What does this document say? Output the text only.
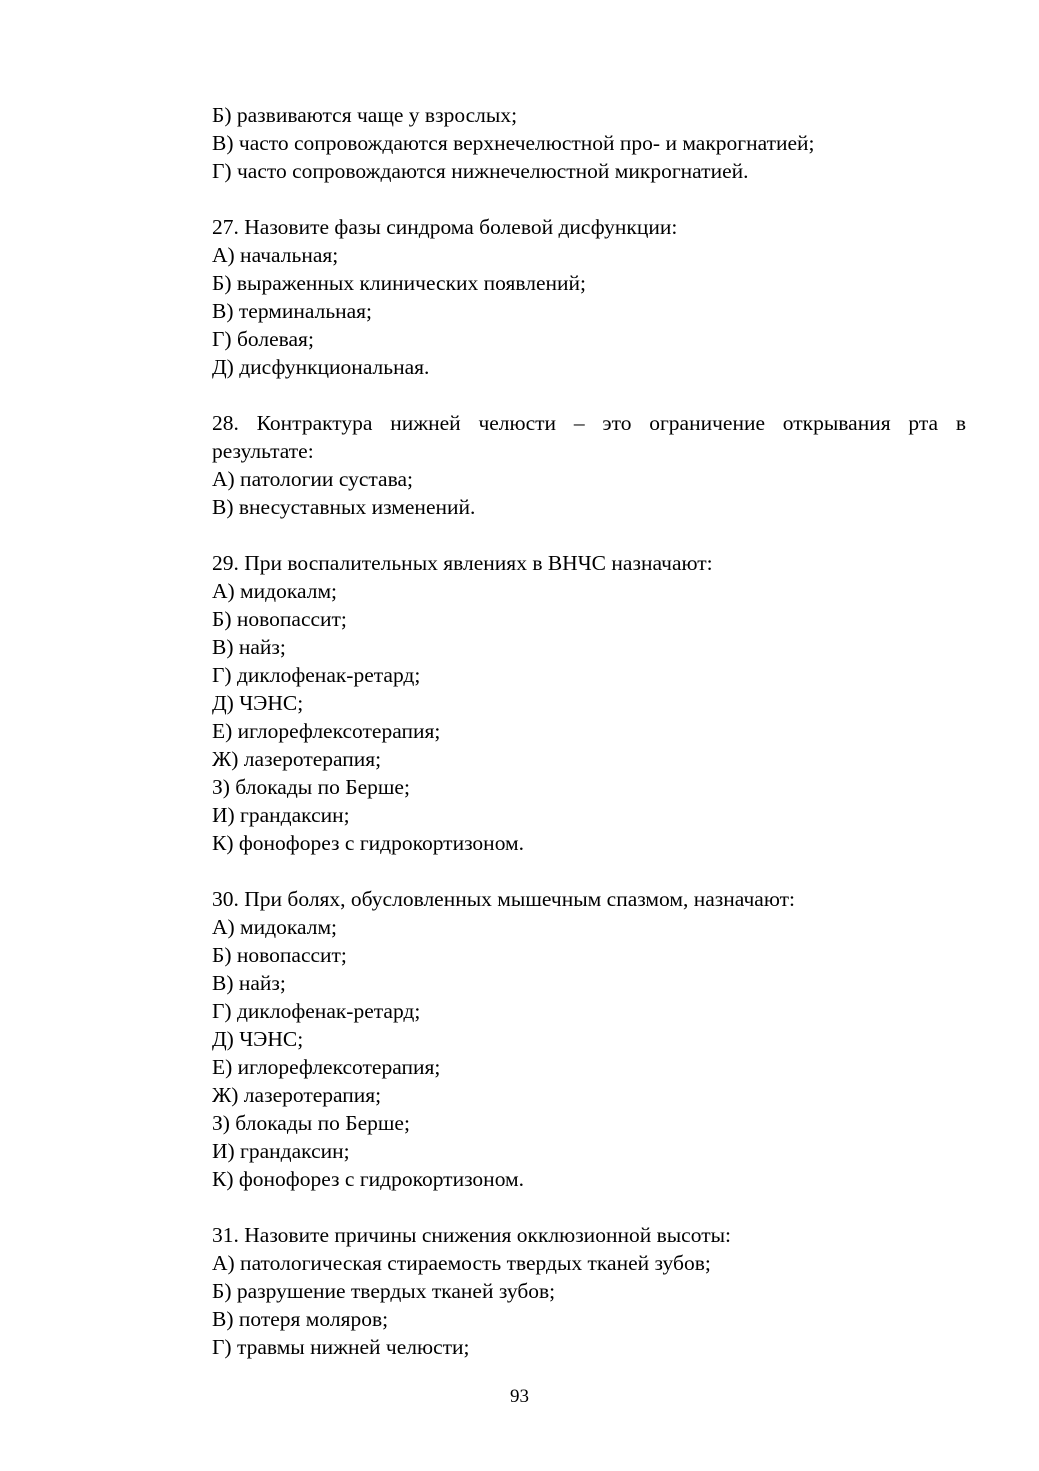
Б) развиваются чаще у взрослых;
В) часто сопровождаются верхнечелюстной про- и макрогнатией;
Г) часто сопровождаются нижнечелюстной микрогнатией.
27. Назовите фазы синдрома болевой дисфункции:
А) начальная;
Б) выраженных клинических появлений;
В) терминальная;
Г) болевая;
Д) дисфункциональная.
28. Контрактура нижней челюсти – это ограничение открывания рта в
результате:
А) патологии сустава;
В) внесуставных изменений.
29. При воспалительных явлениях в ВНЧС назначают:
А) мидокалм;
Б) новопассит;
В) найз;
Г) диклофенак-ретард;
Д) ЧЭНС;
Е) иглорефлексотерапия;
Ж) лазеротерапия;
З) блокады по Берше;
И) грандаксин;
К) фонофорез с гидрокортизоном.
30. При болях, обусловленных мышечным спазмом, назначают:
А) мидокалм;
Б) новопассит;
В) найз;
Г) диклофенак-ретард;
Д) ЧЭНС;
Е) иглорефлексотерапия;
Ж) лазеротерапия;
З) блокады по Берше;
И) грандаксин;
К) фонофорез с гидрокортизоном.
31. Назовите причины снижения окклюзионной высоты:
А) патологическая стираемость твердых тканей зубов;
Б) разрушение твердых тканей зубов;
В) потеря моляров;
Г) травмы нижней челюсти;
93
